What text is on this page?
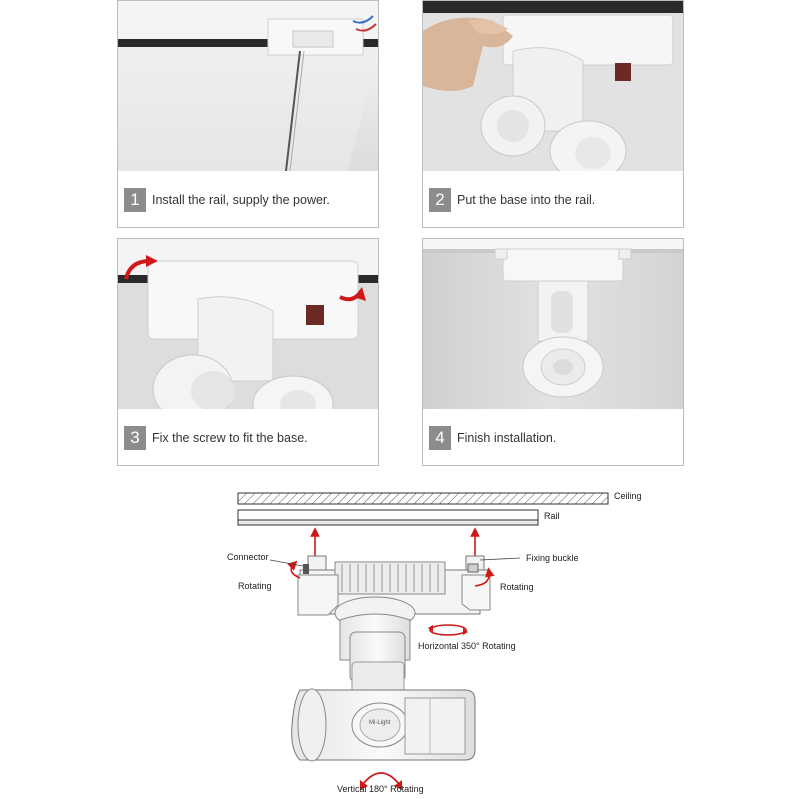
1 Install the rail, supply the power.	2 Put the base into the rail.
3 Fix the screw to fit the base.	4 Finish installation.
Ceiling
Rail
Connector	Fixing buckle
Rotating	Rotating
Horizontal 350° Rotating
Vertical 180° Rotating
Mi-Light
